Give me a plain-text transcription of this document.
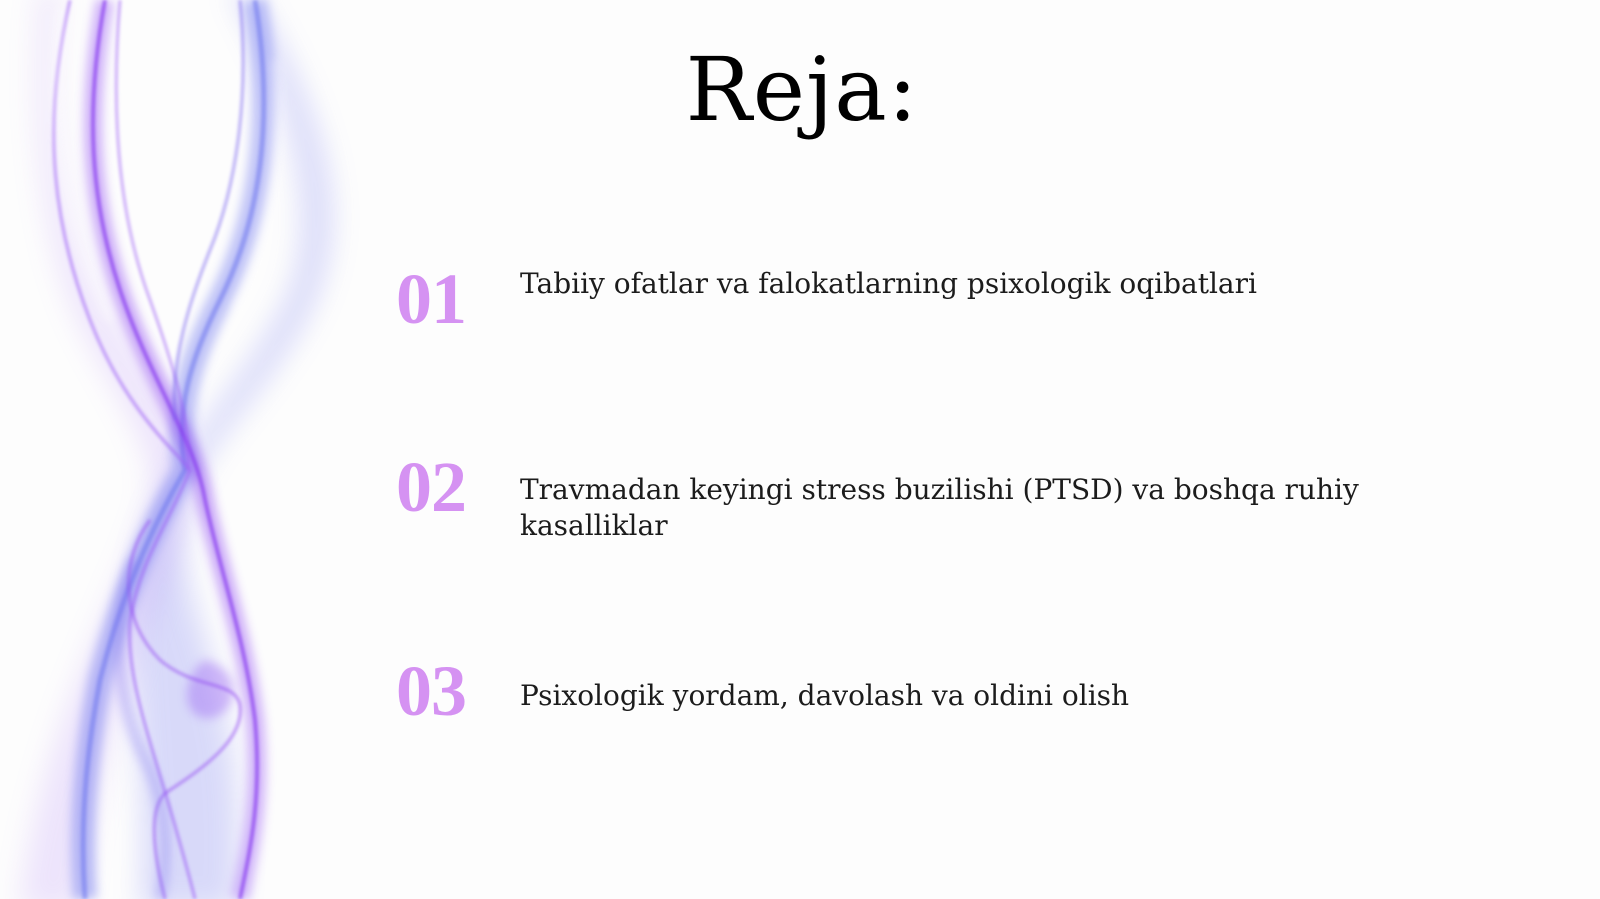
Reja:
01 Tabiiy ofatlar va falokatlarning psixologik oqibatlari
02 Travmadan keyingi stress buzilishi (PTSD) va boshqa ruhiy kasalliklar
03 Psixologik yordam, davolash va oldini olish
